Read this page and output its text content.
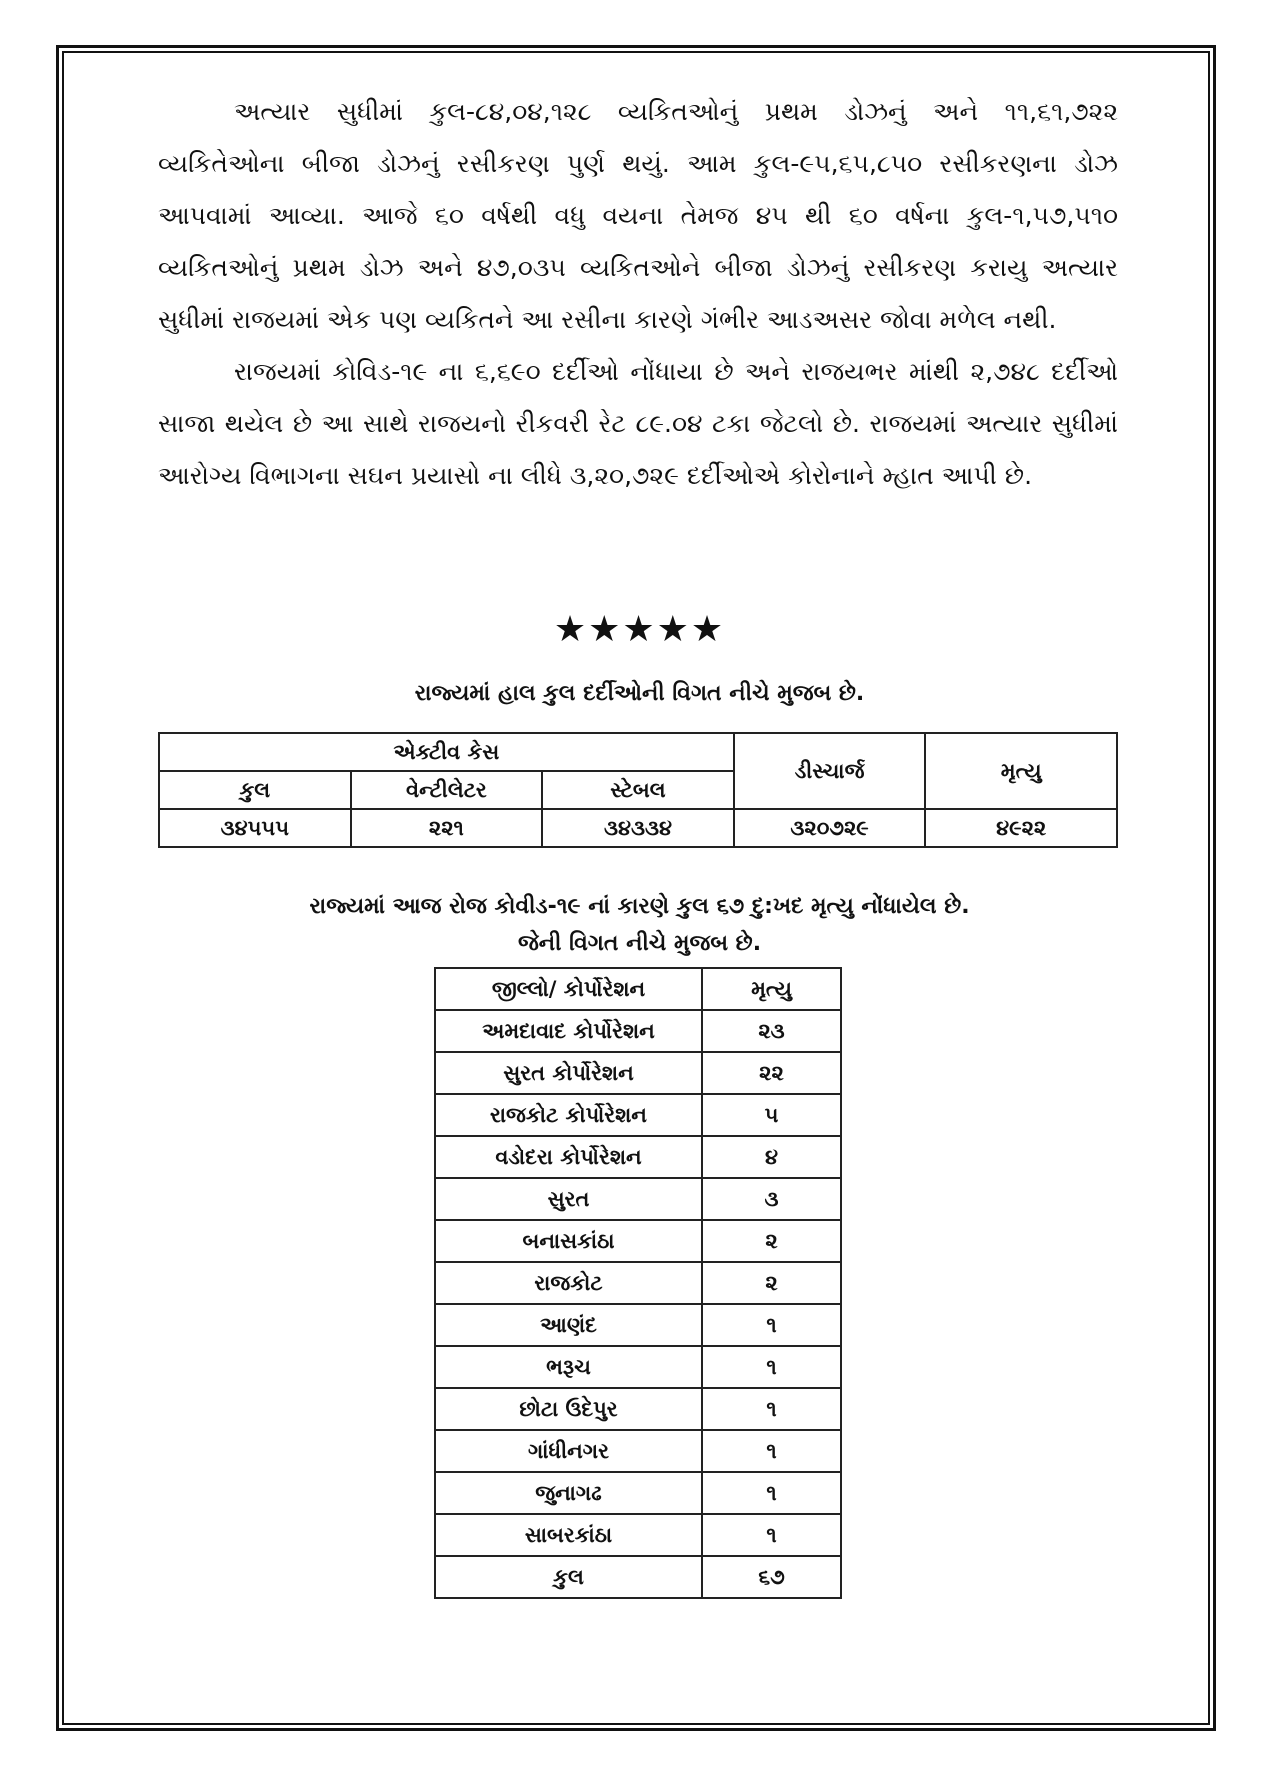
અત્યાર સુધીમાં કુલ-૮૪,૦૪,૧૨૮ વ્યકિતઓનું પ્રથમ ડોઝનું અને ૧૧,૬૧,૭૨૨ વ્યકિતેઓના બીજા ડોઝનું રસીકરણ પુર્ણ થયું. આમ કુલ-૯૫,૬૫,૮૫૦ રસીકરણના ડોઝ આપવામાં આવ્યા. આજે ૬૦ વર્ષથી વધુ વયના તેમજ ૪૫ થી ૬૦ વર્ષના કુલ-૧,૫૭,૫૧૦ વ્યકિતઓનું પ્રથમ ડોઝ અને ૪૭,૦૩૫ વ્યકિતઓને બીજા ડોઝનું રસીકરણ કરાયુ અત્યાર સુધીમાં રાજયમાં એક પણ વ્યકિતને આ રસીના કારણે ગંભીર આડઅસર જોવા મળેલ નથી.

રાજયમાં કોવિડ-૧૯ ના ૬,૬૯૦ દર્દીઓ નોંધાયા છે અને રાજયભર માંથી ૨,૭૪૮ દર્દીઓ સાજા થયેલ છે આ સાથે રાજયનો રીકવરી રેટ ૮૯.૦૪ ટકા જેટલો છે. રાજયમાં અત્યાર સુધીમાં આરોગ્ય વિભાગના સઘન પ્રયાસો ના લીધે ૩,૨૦,૭૨૯ દર્દીઓએ કોરોનાને મ્હાત આપી છે.

★★★★★
રાજ્યમાં હાલ કુલ દર્દીઓની વિગત નીચે મુજબ છે.
એક્ટીવ કેસ			ડીસ્ચાર્જ	મૃત્યુ
કુલ	વેન્ટીલેટર	સ્ટેબલ		
૩૪૫૫૫	૨૨૧	૩૪૩૩૪	૩૨૦૭૨૯	૪૯૨૨
રાજ્યમાં આજ રોજ કોવીડ-૧૯ નાં કારણે કુલ ૬૭ દુ:ખદ મૃત્યુ નોંધાયેલ છે.
જેની વિગત નીચે મુજબ છે.
જીલ્લો/ કોર્પોરેશન	મૃત્યુ
અમદાવાદ કોર્પોરેશન	૨૩
સુરત કોર્પોરેશન	૨૨
રાજકોટ કોર્પોરેશન	૫
વડોદરા કોર્પોરેશન	૪
સુરત	૩
બનાસકાંઠા	૨
રાજકોટ	૨
આણંદ	૧
ભરૂચ	૧
છોટા ઉદેપુર	૧
ગાંધીનગર	૧
જુનાગઢ	૧
સાબરકાંઠા	૧
કુલ	૬૭
